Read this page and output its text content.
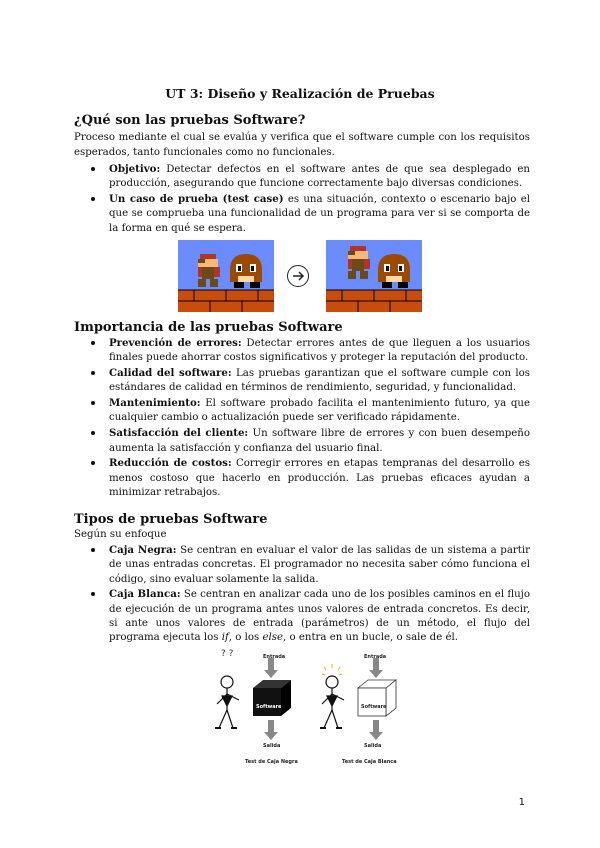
UT 3: Diseño y Realización de Pruebas
¿Qué son las pruebas Software?

Proceso mediante el cual se evalúa y verifica que el software cumple con los requisitos esperados, tanto funcionales como no funcionales.

Objetivo: Detectar defectos en el software antes de que sea desplegado en producción, asegurando que funcione correctamente bajo diversas condiciones.
Un caso de prueba (test case) es una situación, contexto o escenario bajo el que se comprueba una funcionalidad de un programa para ver si se comporta de la forma en qué se espera.
Importancia de las pruebas Software
Prevención de errores: Detectar errores antes de que lleguen a los usuarios finales puede ahorrar costos significativos y proteger la reputación del producto.
Calidad del software: Las pruebas garantizan que el software cumple con los estándares de calidad en términos de rendimiento, seguridad, y funcionalidad.
Mantenimiento: El software probado facilita el mantenimiento futuro, ya que cualquier cambio o actualización puede ser verificado rápidamente.
Satisfacción del cliente: Un software libre de errores y con buen desempeño aumenta la satisfacción y confianza del usuario final.
Reducción de costos: Corregir errores en etapas tempranas del desarrollo es menos costoso que hacerlo en producción. Las pruebas eficaces ayudan a minimizar retrabajos.
Tipos de pruebas Software

Según su enfoque

Caja Negra: Se centran en evaluar el valor de las salidas de un sistema a partir de unas entradas concretas. El programador no necesita saber cómo funciona el código, sino evaluar solamente la salida.
Caja Blanca: Se centran en analizar cada uno de los posibles caminos en el flujo de ejecución de un programa antes unos valores de entrada concretos. Es decir, si ante unos valores de entrada (parámetros) de un método, el flujo del programa ejecuta los if, o los else, o entra en un bucle, o sale de él.
? ?	Entrada
Software
Salida
Test de Caja Negra
Entrada
Software
Salida
Test de Caja Blanca
1
